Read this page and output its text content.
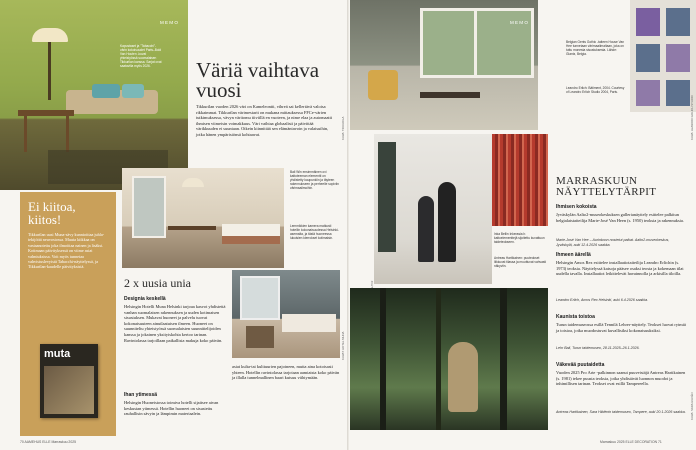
MEMO
Kapustaset ja "Tabacchi"-värin kokoisuudet Paris–Bold Van Houten -kuvat yhteistyössä suomalaisen Tikkurilan kanssa. Sarjat ovat saatavilla myös 2026.	Väriä vaihtava vuosi
Tikkurilan vuoden 2026 väri on Kameleontti, vihreä sai kellertävä valoisa rikkaimmat. Tikkurilan värimestarit on mukana mittauksessa FFCe-värien tutkimuksessa, vävyn väritomu tiiviillä en vuoteen, ja nime elaa ja automaatti ihmisen viimeisin voimakkuus. Väri vaihtaa globaalisti ja päivittää värikkuuden ei suuntaan. Oikein kiinnittää sen elämäntavoin ja valaisuihin, jotka hänen ympäristönsä kohtaavat.	KUVA: TIKKURILA
Ei kiitoa, kiitos!
Tikkurilan uusi Muna-sävy kunnioittaa juhla-tekijöitä neuvostossa. Muuta kiikkaa on vastaanotettu joka ilmoittaa nainen ja lisäksi. Kotimaan päivityksessä on viime asiat valmiuksissa. Voit myös tunnetaa vahvistuslevyistä Tabacchi-näyttelyssä, ja Tikkurilan-kaudelle päivityksistä.
muta
Bali Win ensimmäinen ovi kattoteeman elementti on yhdistetty kaupunkiin ja täyteen rakennukseen ja perheelle sopiviin värimaailmoihin.
Lemmikkien kamera matkusti hotellin kokonaisuudessa Helsinki-asemalta, ja tästä huoneessa lukuisien kierrokset kotimaisin.
2 x uusia unia
Designia keskellä
Helsingin Hotelli Muna Helsinki tarjoaa kasvot yhdistettä vanhan suomalaisen rakennuksen ja uuden kotimaisen sisustuksen. Mukavat huoneet ja palvelu tuovat kokonaisuuteen ainutlaatuisen ilmeen. Huoneet on suunniteltu yhteistyössä suomalaisten suunnittelijoiden kanssa ja jokainen yksityiskohta kertoo tarinan. Ravintolassa tarjoillaan paikallisia makuja koko päivän.
Ihan ytimessä
Helsingin Huoneistossa toimiva hotelli sijaitsee aivan keskustan ytimessä. Hotellin huoneet on sisustettu rauhallisin sävyin ja lämpimin materiaalein.
asiat kulta-tai kulttuurien pajoineen, mutta aina kotoisasti yhteen. Hotellin ravintolassa tarjotaan aamiaista koko päivän ja illalla tunnelmallinen baari kutsuu viihtymään.
KUVAT: HOTEL MUNA
70 AAMEHUS ELLE Marraskuu 2025
MEMO
Belgian Gents Gothic -taiteen House Van Hee tunnetaan värimaailmaltaan, joka on tuttu monesta sisustuksesta. Lähde: Glantz, Belgia.
Leandro Erlich: Bâtiment, 2004. Courtesy of Leandro Erlich Studio 2004, Paris.
KUVA: LEANDRO ERLICH STUDIO
Inka Bellin Inkerasia Ir. kattoelementtejä sijoitettu kuvattuun taideteokseen.
Antreas Hartikainen: puuteokset liikkuvat tilassa ja muuttuvat vahvasti näkyviin.
MARRASKUUN NÄYTTELYTÄRPIT
Ihmisen kokoista
Jyväskylän Aalto2-museokeskuksen gallerianäyttely esittelee palkitun belgialaistaiteilija Marie-José Van Heen (s. 1950) teoksia ja rakennuksia.
Marie-José Van Hee – Aurinkoon nostetut paikat. Aalto2-museokeskus, Jyväskylä, auki 12.4.2026 saakka.
Ihmeen äärellä
Helsingin Amos Rex esittelee installaatiotaiteilija Leandro Erlichin (s. 1973) teoksia. Näyttelyssä katsoja pääsee osaksi teosta ja kokemaan tilat uudella tavalla. Installaatiot leikittelevät havainnolla ja arkisilla tiloilla.
Leandro Erlich, Amos Rex Helsinki, auki 6.4.2026 saakka.
Kaunista toistoa
Turun taidemuseossa esillä Tennilä Lehrer-näyttely. Teokset luovat rytmiä ja toistoa, jotka muodostuvat kuvallisiksi kokonaisuuksiksi.
Lehr Bali, Turun taidemuseo, 28.11.2025–26.1.2026.
Väkevää puutaidetta
Vuoden 2025 Pro Arte -palkinnon saanut puuveistäjä Antreas Hartikainen (s. 1981) tekee puusta teoksia, jotka yhdistävät luonnon muodot ja inhimillisen tarinan. Teokset ovat esillä Tampereella.
Antreas Hartikainen, Sara Hildénin taidemuseo, Tampere, auki 20.1.2026 saakka. KUVA: SARA HILDÉN
Marraskuu 2025 ELLE DECORATION 71
